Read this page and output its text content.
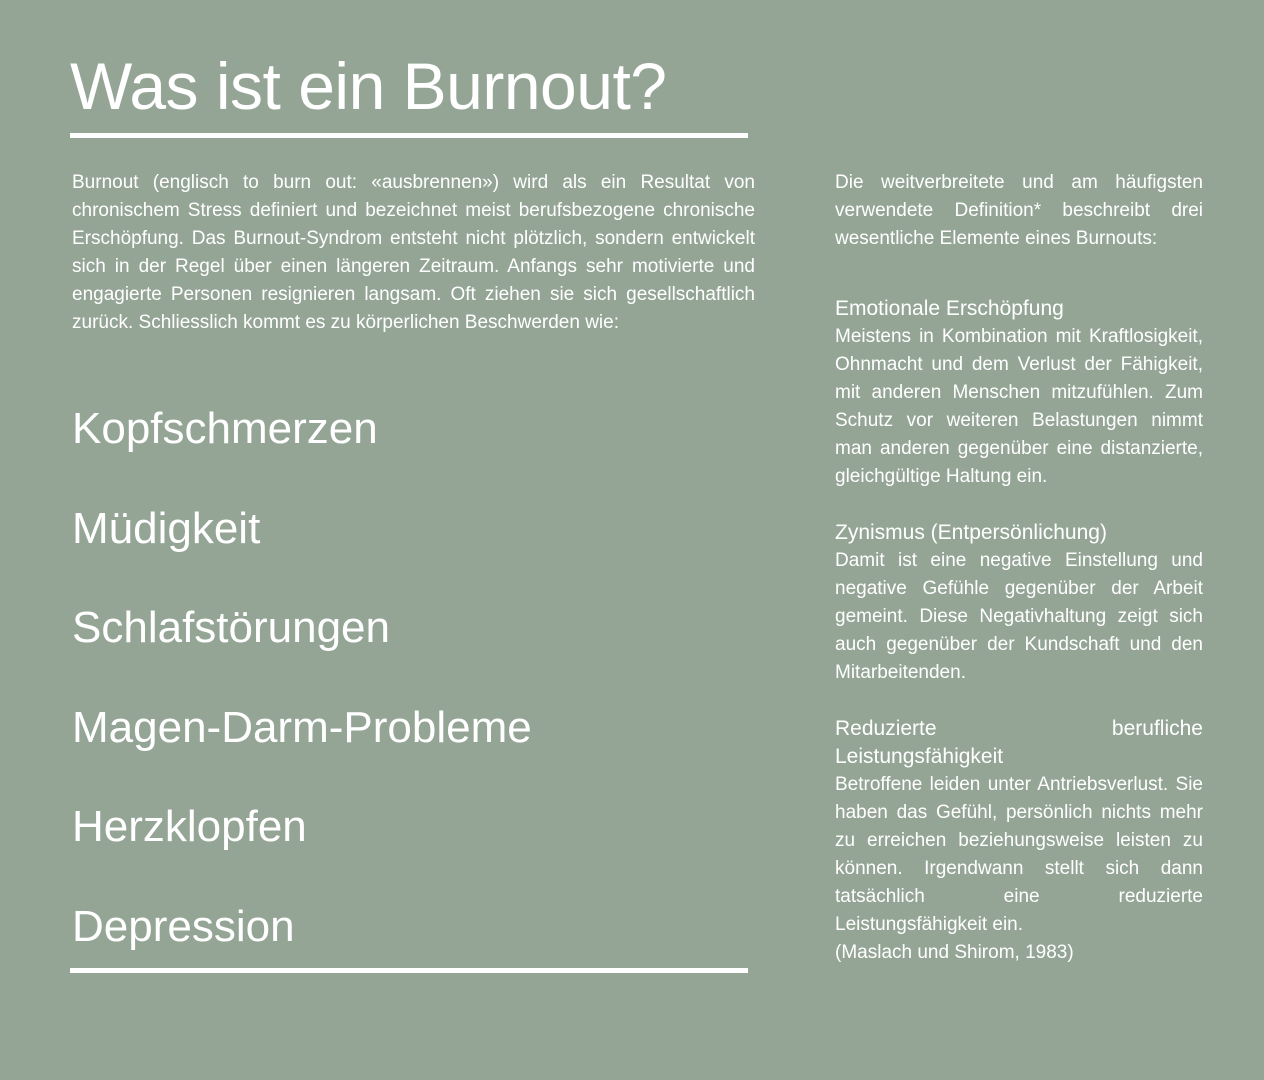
Was ist ein Burnout?

Burnout (englisch to burn out: «ausbrennen») wird als ein Resultat von chronischem Stress definiert und bezeichnet meist berufsbezogene chronische Erschöpfung. Das Burnout-Syndrom entsteht nicht plötzlich, sondern entwickelt sich in der Regel über einen längeren Zeitraum. Anfangs sehr motivierte und engagierte Personen resignieren langsam. Oft ziehen sie sich gesellschaftlich zurück. Schliesslich kommt es zu körperlichen Beschwerden wie:

Kopfschmerzen
Müdigkeit
Schlafstörungen
Magen-Darm-Probleme
Herzklopfen
Depression

Die weitverbreitete und am häufigsten verwendete Definition* beschreibt drei wesentliche Elemente eines Burnouts:

Emotionale Erschöpfung

Meistens in Kombination mit Kraftlosigkeit, Ohnmacht und dem Verlust der Fähigkeit, mit anderen Menschen mitzufühlen. Zum Schutz vor weiteren Belastungen nimmt man anderen gegenüber eine distanzierte, gleichgültige Haltung ein.

Zynismus (Entpersönlichung)

Damit ist eine negative Einstellung und negative Gefühle gegenüber der Arbeit gemeint. Diese Negativhaltung zeigt sich auch gegenüber der Kundschaft und den Mitarbeitenden.

Reduzierte berufliche Leistungsfähigkeit

Betroffene leiden unter Antriebsverlust. Sie haben das Gefühl, persönlich nichts mehr zu erreichen beziehungsweise leisten zu können. Irgendwann stellt sich dann tatsächlich eine reduzierte Leistungsfähigkeit ein.

(Maslach und Shirom, 1983)
